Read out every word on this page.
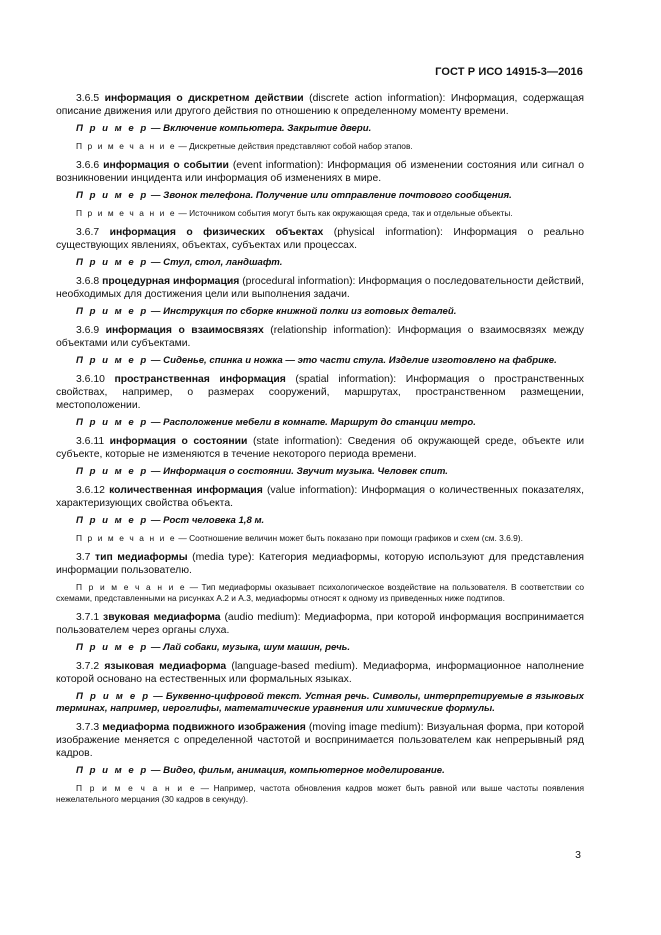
ГОСТ Р ИСО 14915-3—2016
3.6.5 информация о дискретном действии (discrete action information): Информация, содержащая описание движения или другого действия по отношению к определенному моменту времени.
П р и м е р — Включение компьютера. Закрытие двери.
П р и м е ч а н и е — Дискретные действия представляют собой набор этапов.
3.6.6 информация о событии (event information): Информация об изменении состояния или сигнал о возникновении инцидента или информация об изменениях в мире.
П р и м е р — Звонок телефона. Получение или отправление почтового сообщения.
П р и м е ч а н и е — Источником события могут быть как окружающая среда, так и отдельные объекты.
3.6.7 информация о физических объектах (physical information): Информация о реально существующих явлениях, объектах, субъектах или процессах.
П р и м е р — Стул, стол, ландшафт.
3.6.8 процедурная информация (procedural information): Информация о последовательности действий, необходимых для достижения цели или выполнения задачи.
П р и м е р — Инструкция по сборке книжной полки из готовых деталей.
3.6.9 информация о взаимосвязях (relationship information): Информация о взаимосвязях между объектами или субъектами.
П р и м е р — Сиденье, спинка и ножка — это части стула. Изделие изготовлено на фабрике.
3.6.10 пространственная информация (spatial information): Информация о пространственных свойствах, например, о размерах сооружений, маршрутах, пространственном размещении, местоположении.
П р и м е р — Расположение мебели в комнате. Маршрут до станции метро.
3.6.11 информация о состоянии (state information): Сведения об окружающей среде, объекте или субъекте, которые не изменяются в течение некоторого периода времени.
П р и м е р — Информация о состоянии. Звучит музыка. Человек спит.
3.6.12 количественная информация (value information): Информация о количественных показателях, характеризующих свойства объекта.
П р и м е р — Рост человека 1,8 м.
П р и м е ч а н и е — Соотношение величин может быть показано при помощи графиков и схем (см. 3.6.9).
3.7 тип медиаформы (media type): Категория медиаформы, которую используют для представления информации пользователю.
П р и м е ч а н и е — Тип медиаформы оказывает психологическое воздействие на пользователя. В соответствии со схемами, представленными на рисунках А.2 и А.3, медиаформы относят к одному из приведенных ниже подтипов.
3.7.1 звуковая медиаформа (audio medium): Медиаформа, при которой информация воспринимается пользователем через органы слуха.
П р и м е р — Лай собаки, музыка, шум машин, речь.
3.7.2 языковая медиаформа (language-based medium). Медиаформа, информационное наполнение которой основано на естественных или формальных языках.
П р и м е р — Буквенно-цифровой текст. Устная речь. Символы, интерпретируемые в языковых терминах, например, иероглифы, математические уравнения или химические формулы.
3.7.3 медиаформа подвижного изображения (moving image medium): Визуальная форма, при которой изображение меняется с определенной частотой и воспринимается пользователем как непрерывный ряд кадров.
П р и м е р — Видео, фильм, анимация, компьютерное моделирование.
П р и м е ч а н и е — Например, частота обновления кадров может быть равной или выше частоты появления нежелательного мерцания (30 кадров в секунду).
3
